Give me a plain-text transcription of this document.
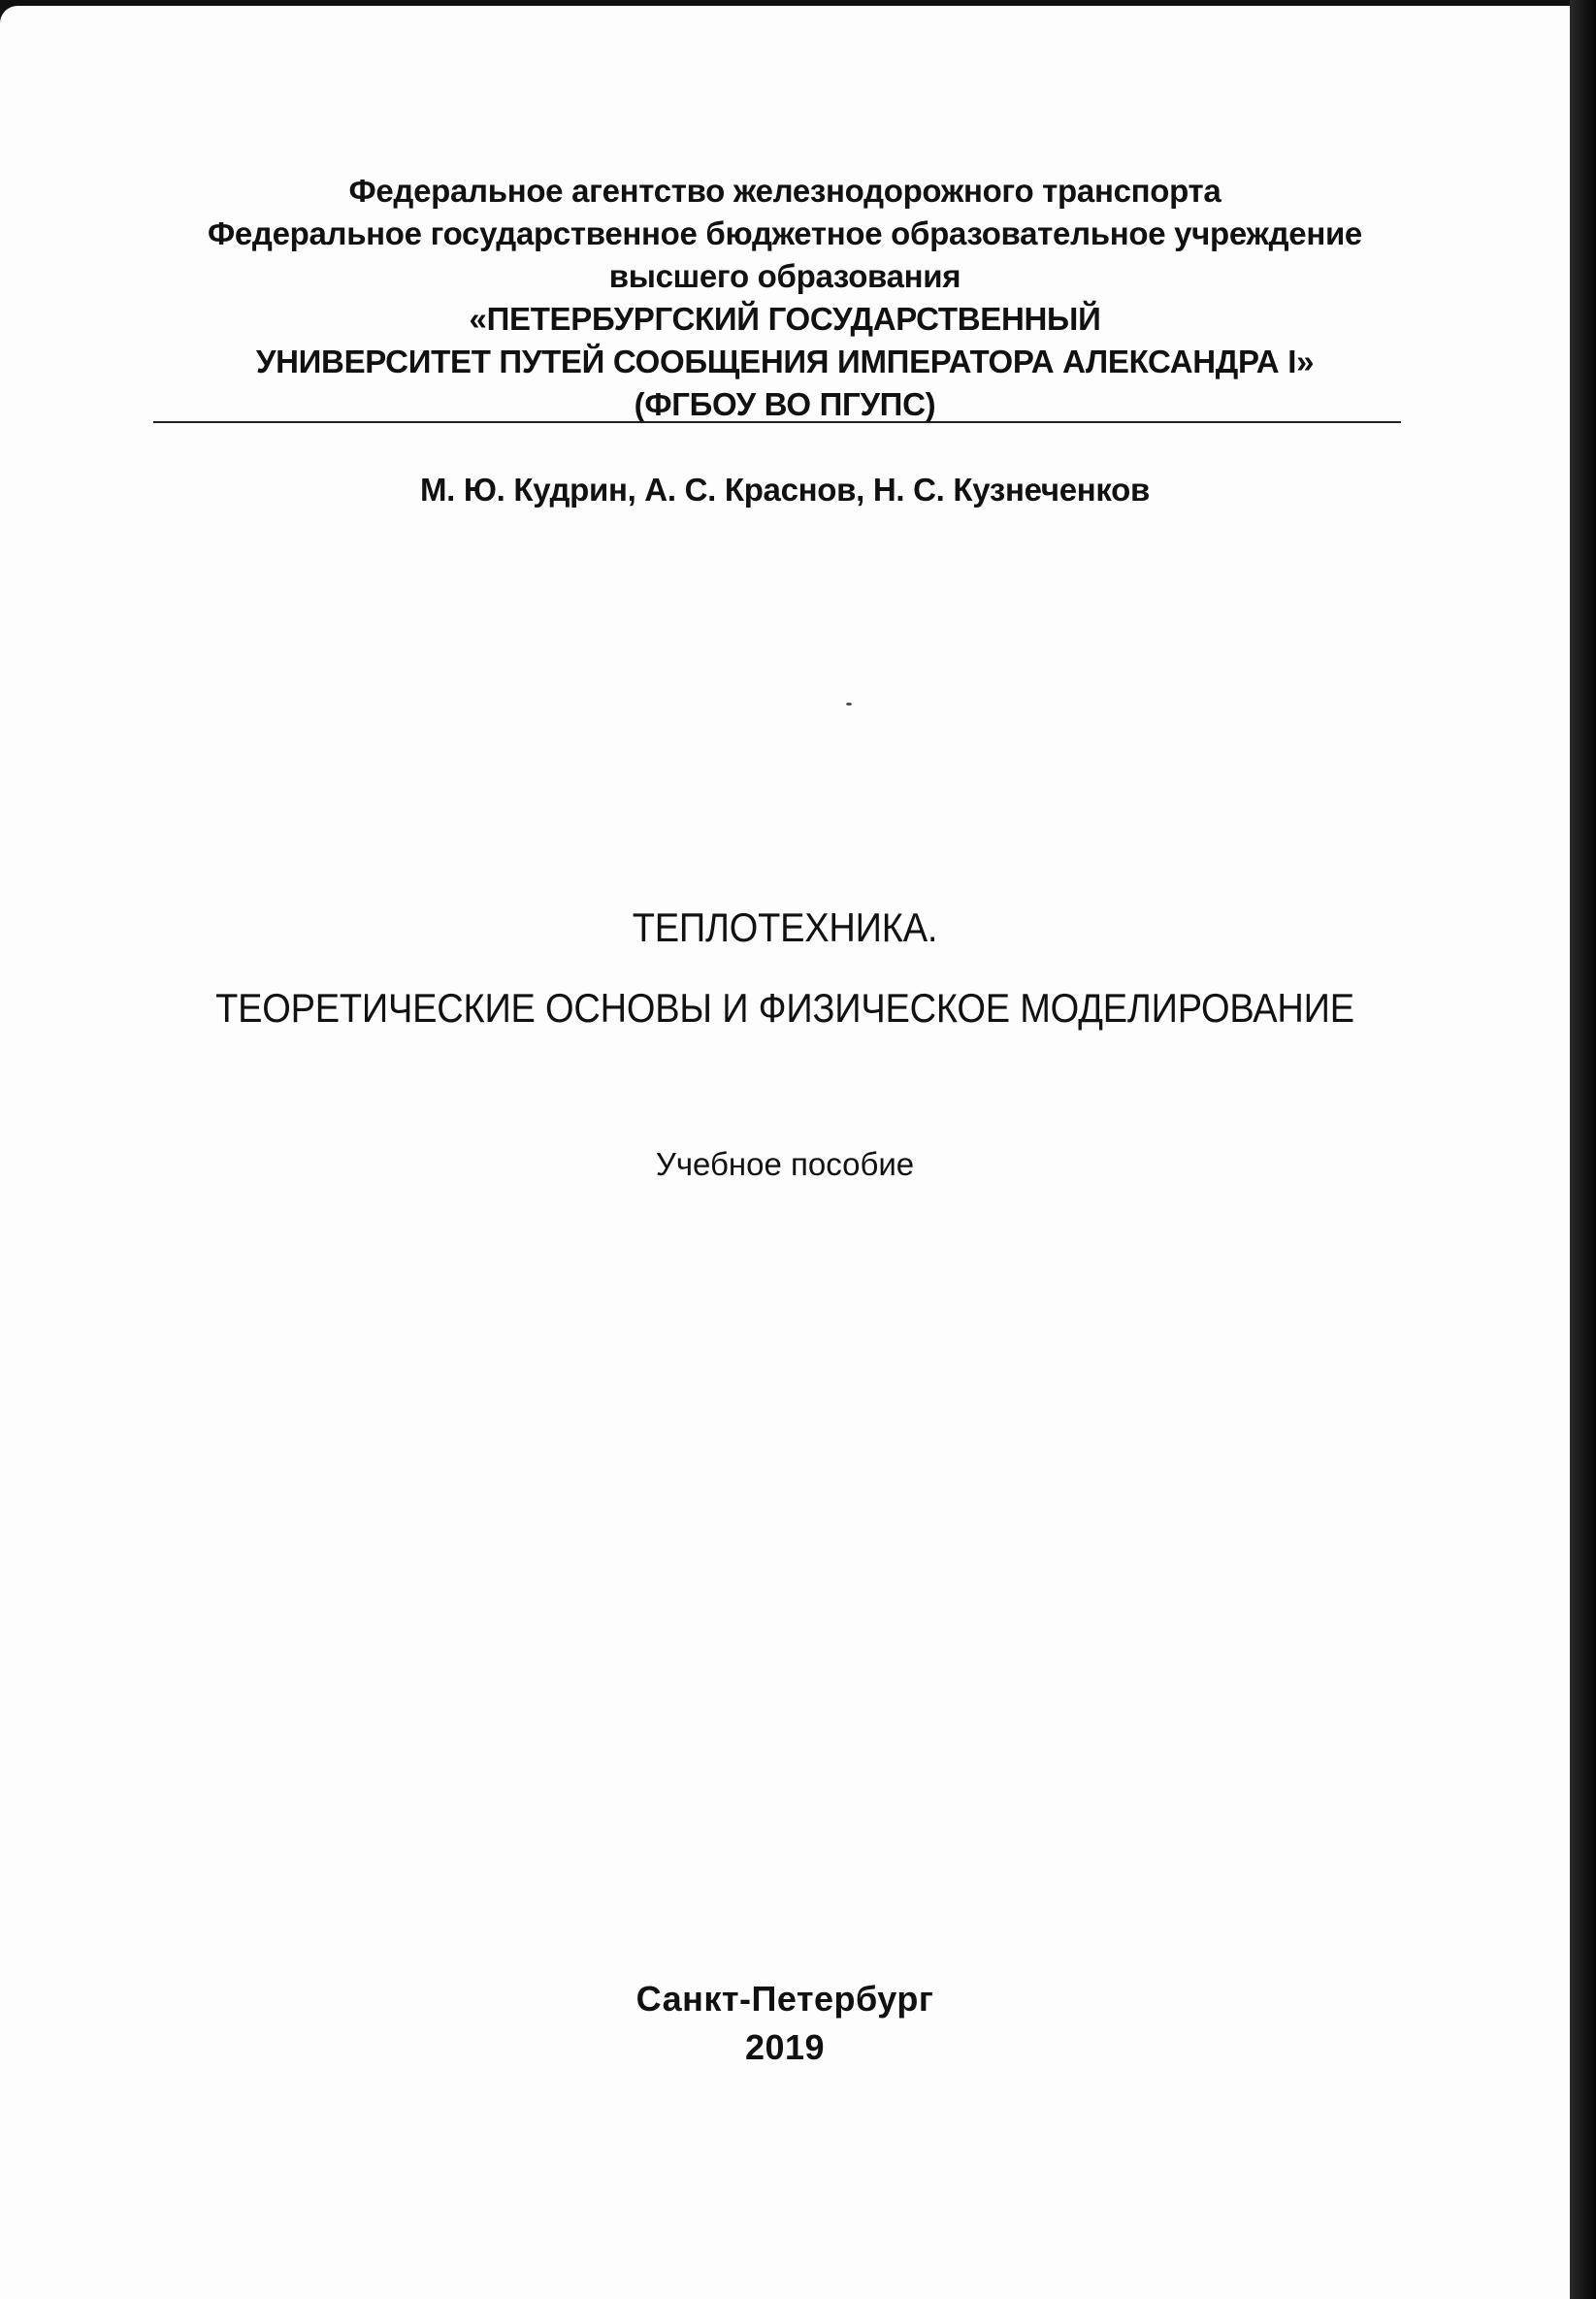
Федеральное агентство железнодорожного транспорта
Федеральное государственное бюджетное образовательное учреждение
высшего образования
«ПЕТЕРБУРГСКИЙ ГОСУДАРСТВЕННЫЙ
УНИВЕРСИТЕТ ПУТЕЙ СООБЩЕНИЯ ИМПЕРАТОРА АЛЕКСАНДРА I»
(ФГБОУ ВО ПГУПС)
М. Ю. Кудрин, А. С. Краснов, Н. С. Кузнеченков
ТЕПЛОТЕХНИКА.
ТЕОРЕТИЧЕСКИЕ ОСНОВЫ И ФИЗИЧЕСКОЕ МОДЕЛИРОВАНИЕ
Учебное пособие
Санкт-Петербург
2019
